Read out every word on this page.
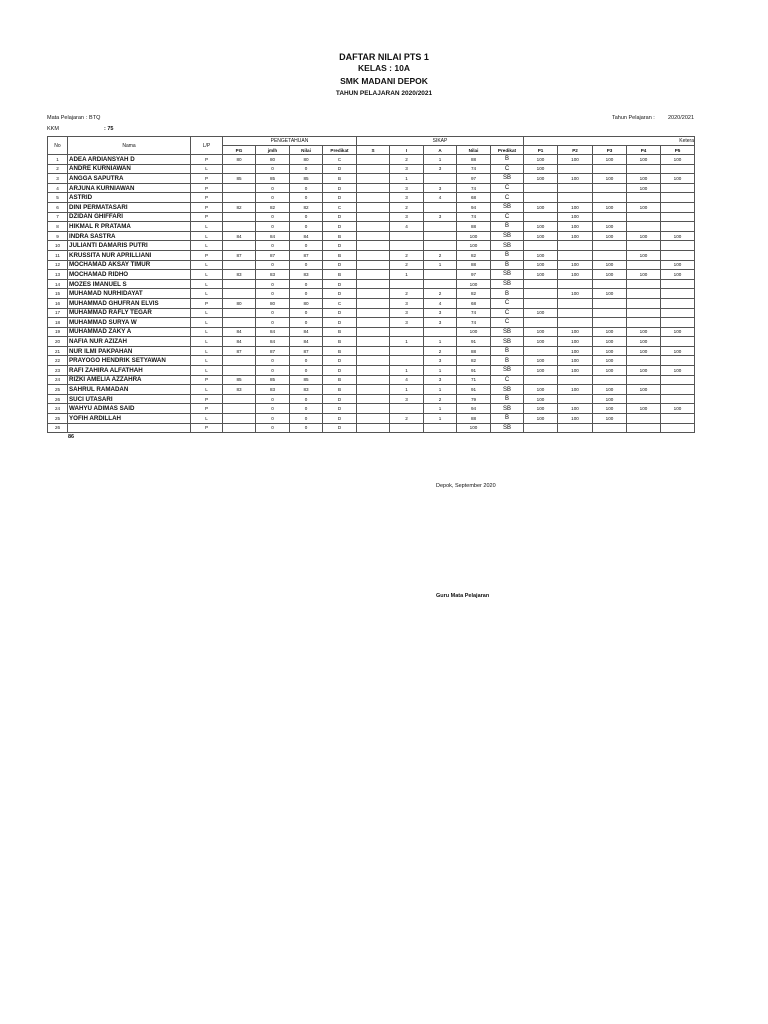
DAFTAR NILAI PTS 1
KELAS : 10A
SMK MADANI DEPOK
TAHUN PELAJARAN 2020/2021
Mata Pelajaran : BTQ
KKM	: 75
Tahun Pelajaran : 2020/2021
No	Nama	L/P	PENGETAHUAN				SIKAP					Ketera				
			PG	jmlh	Nilai	Predikat	S	I	A	Nilai	Predikat	P1	P2	P3	P4	P5
1	ADEA ARDIANSYAH D	P	80	80	80	C		2	1	88	B	100	100	100	100	100
2	ANDRE KURNIAWAN	L		0	0	D		3	3	74	C	100				
3	ANGGA SAPUTRA	P	85	85	85	B		1		97	SB	100	100	100	100	100
4	ARJUNA KURNIAWAN	P		0	0	D		3	3	74	C				100	
5	ASTRID	P		0	0	D		3	4	68	C					
6	DINI PERMATASARI	P	82	82	82	C		2		94	SB	100	100	100	100	
7	DZIDAN GHIFFARI	P		0	0	D		3	3	74	C		100			
8	HIKMAL R PRATAMA	L		0	0	D		4		88	B	100	100	100		
9	INDRA SASTRA	L	84	84	84	B				100	SB	100	100	100	100	100
10	JULIANTI DAMARIS PUTRI	L		0	0	D				100	SB					
11	KRUSSITA NUR APRILLIANI	P	87	87	87	B		2	2	82	B	100			100	
12	MOCHAMAD AKSAY TIMUR	L		0	0	D		2	1	88	B	100	100	100		100
13	MOCHAMAD RIDHO	L	83	83	83	B		1		97	SB	100	100	100	100	100
14	MOZES IMANUEL S	L		0	0	D				100	SB					
15	MUHAMAD NURHIDAYAT	L		0	0	D		2	2	82	B		100	100		
16	MUHAMMAD GHUFRAN ELVIS	P	80	80	80	C		3	4	68	C					
17	MUHAMMAD RAFLY TEGAR	L		0	0	D		3	3	74	C	100				
18	MUHAMMAD SURYA W	L		0	0	D		3	3	74	C					
19	MUHAMMAD ZAKY A	L	84	84	84	B				100	SB	100	100	100	100	100
20	NAFIA NUR AZIZAH	L	84	84	84	B		1	1	91	SB	100	100	100	100	
21	NUR ILMI PAKPAHAN	L	87	87	87	B			2	88	B		100	100	100	100
22	PRAYOGO HENDRIK SETYAWAN	L		0	0	D			3	82	B	100	100	100		
23	RAFI ZAHIRA ALFATHAH	L		0	0	D		1	1	91	SB	100	100	100	100	100
24	RIZKI AMELIA AZZAHRA	P	85	85	85	B		4	3	71	C					
25	SAHRUL RAMADAN	L	83	83	83	B		1	1	91	SB	100	100	100	100	
26	SUCI UTASARI	P		0	0	D		3	2	79	B	100		100		
24	WAHYU ADIMAS SAID	P		0	0	D			1	94	SB	100	100	100	100	100
25	YOFIH ARDILLAH	L		0	0	D		2	1	88	B	100	100	100		
26		P		0	0	D				100	SB					
86
Depok, September 2020
Guru Mata Pelajaran
